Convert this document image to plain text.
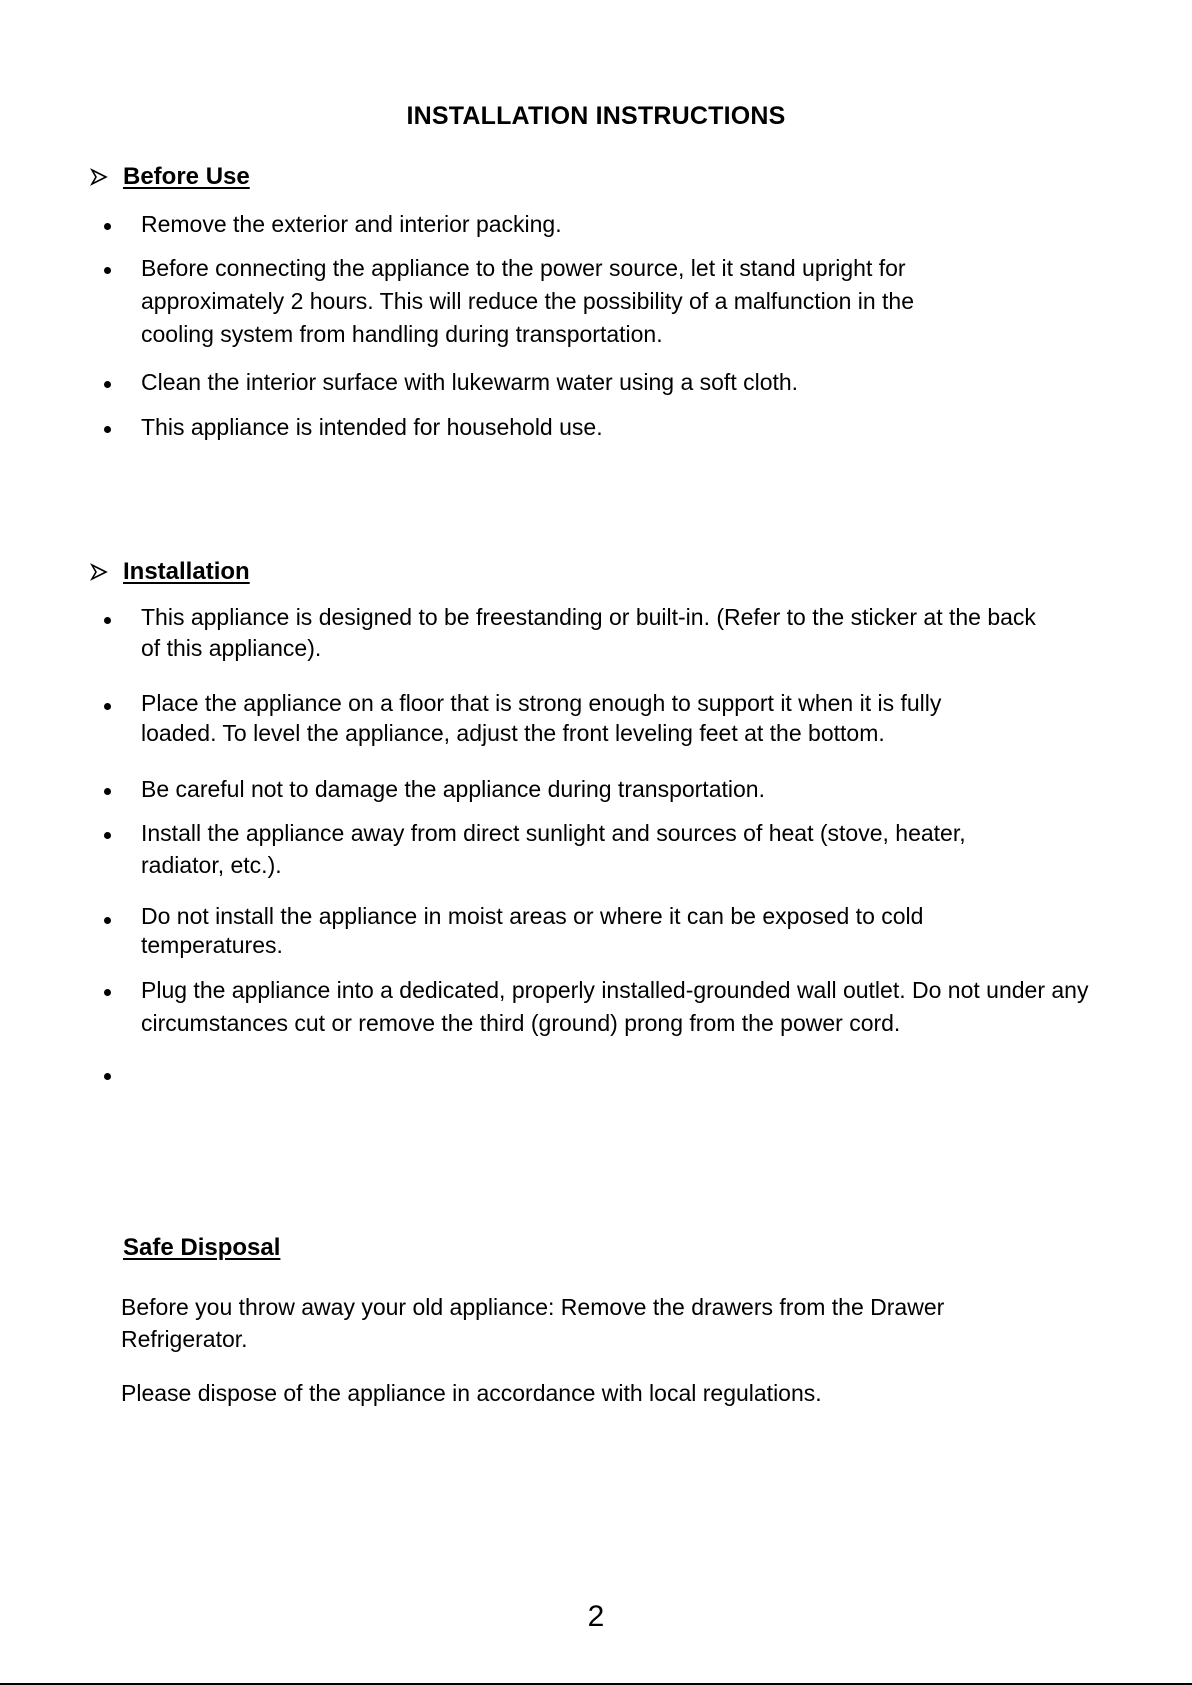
INSTALLATION INSTRUCTIONS
Before Use
Remove the exterior and interior packing.
Before connecting the appliance to the power source, let it stand upright for approximately 2 hours. This will reduce the possibility of a malfunction in the cooling system from handling during transportation.
Clean the interior surface with lukewarm water using a soft cloth.
This appliance is intended for household use.
Installation
This appliance is designed to be freestanding or built-in. (Refer to the sticker at the back of this appliance).
Place the appliance on a floor that is strong enough to support it when it is fully loaded. To level the appliance, adjust the front leveling feet at the bottom.
Be careful not to damage the appliance during transportation.
Install the appliance away from direct sunlight and sources of heat (stove, heater, radiator, etc.).
Do not install the appliance in moist areas or where it can be exposed to cold temperatures.
Plug the appliance into a dedicated, properly installed-grounded wall outlet. Do not under any circumstances cut or remove the third (ground) prong from the power cord.
Safe Disposal
Before you throw away your old appliance: Remove the drawers from the Drawer Refrigerator.
Please dispose of the appliance in accordance with local regulations.
2
